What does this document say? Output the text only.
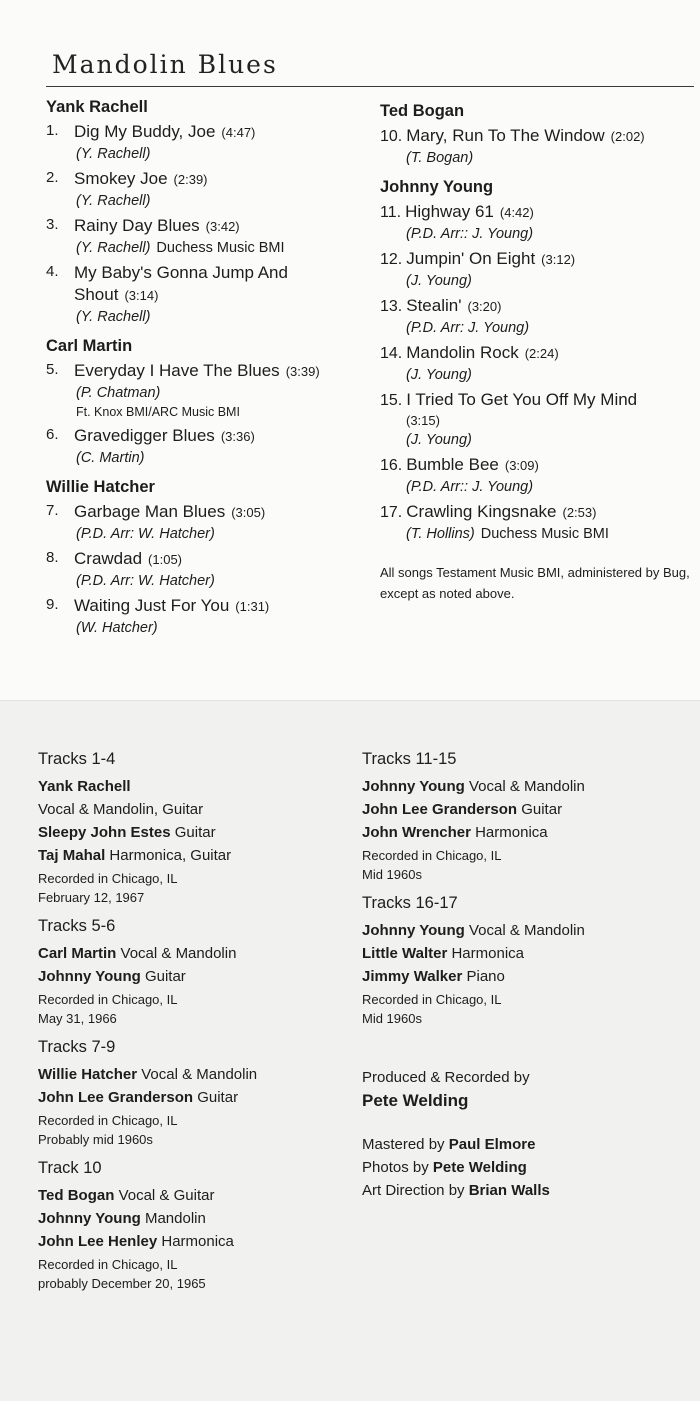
Mandolin Blues
Yank Rachell
1. Dig My Buddy, Joe (4:47)
(Y. Rachell)
2. Smokey Joe (2:39)
(Y. Rachell)
3. Rainy Day Blues (3:42)
(Y. Rachell) Duchess Music BMI
4. My Baby's Gonna Jump And Shout (3:14)
(Y. Rachell)
Carl Martin
5. Everyday I Have The Blues (3:39)
(P. Chatman)
Ft. Knox BMI/ARC Music BMI
6. Gravedigger Blues (3:36)
(C. Martin)
Willie Hatcher
7. Garbage Man Blues (3:05)
(P.D. Arr: W. Hatcher)
8. Crawdad (1:05)
(P.D. Arr: W. Hatcher)
9. Waiting Just For You (1:31)
(W. Hatcher)
Ted Bogan
10. Mary, Run To The Window (2:02)
(T. Bogan)
Johnny Young
11. Highway 61 (4:42)
(P.D. Arr:: J. Young)
12. Jumpin' On Eight (3:12)
(J. Young)
13. Stealin' (3:20)
(P.D. Arr: J. Young)
14. Mandolin Rock (2:24)
(J. Young)
15. I Tried To Get You Off My Mind
(3:15)
(J. Young)
16. Bumble Bee (3:09)
(P.D. Arr:: J. Young)
17. Crawling Kingsnake (2:53)
(T. Hollins) Duchess Music BMI
All songs Testament Music BMI, administered by Bug, except as noted above.
Tracks 1-4
Yank Rachell
Vocal & Mandolin, Guitar
Sleepy John Estes Guitar
Taj Mahal Harmonica, Guitar
Recorded in Chicago, IL
February 12, 1967
Tracks 5-6
Carl Martin Vocal & Mandolin
Johnny Young Guitar
Recorded in Chicago, IL
May 31, 1966
Tracks 7-9
Willie Hatcher Vocal & Mandolin
John Lee Granderson Guitar
Recorded in Chicago, IL
Probably mid 1960s
Track 10
Ted Bogan Vocal & Guitar
Johnny Young Mandolin
John Lee Henley Harmonica
Recorded in Chicago, IL
probably December 20, 1965
Tracks 11-15
Johnny Young Vocal & Mandolin
John Lee Granderson Guitar
John Wrencher Harmonica
Recorded in Chicago, IL
Mid 1960s
Tracks 16-17
Johnny Young Vocal & Mandolin
Little Walter Harmonica
Jimmy Walker Piano
Recorded in Chicago, IL
Mid 1960s
Produced & Recorded by
Pete Welding
Mastered by Paul Elmore
Photos by Pete Welding
Art Direction by Brian Walls
